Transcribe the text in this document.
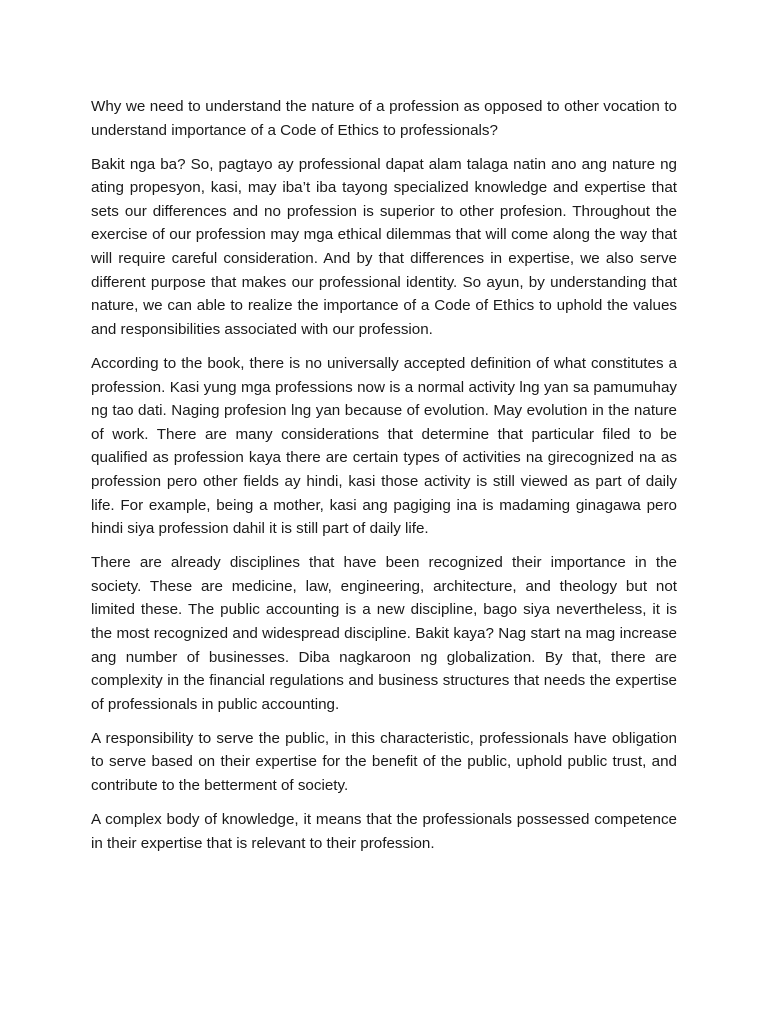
Why we need to understand the nature of a profession as opposed to other vocation to understand importance of a Code of Ethics to professionals?

Bakit nga ba? So, pagtayo ay professional dapat alam talaga natin ano ang nature ng ating propesyon, kasi, may iba’t iba tayong specialized knowledge and expertise that sets our differences and no profession is superior to other profesion. Throughout the exercise of our profession may mga ethical dilemmas that will come along the way that will require careful consideration. And by that differences in expertise, we also serve different purpose that makes our professional identity. So ayun, by understanding that nature, we can able to realize the importance of a Code of Ethics to uphold the values and responsibilities associated with our profession.

According to the book, there is no universally accepted definition of what constitutes a profession. Kasi yung mga professions now is a normal activity lng yan sa pamumuhay ng tao dati. Naging profesion lng yan because of evolution. May evolution in the nature of work. There are many considerations that determine that particular filed to be qualified as profession kaya there are certain types of activities na girecognized na as profession pero other fields ay hindi, kasi those activity is still viewed as part of daily life. For example, being a mother, kasi ang pagiging ina is madaming ginagawa pero hindi siya profession dahil it is still part of daily life.

There are already disciplines that have been recognized their importance in the society. These are medicine, law, engineering, architecture, and theology but not limited these. The public accounting is a new discipline, bago siya nevertheless, it is the most recognized and widespread discipline. Bakit kaya? Nag start na mag increase ang number of businesses. Diba nagkaroon ng globalization. By that, there are complexity in the financial regulations and business structures that needs the expertise of professionals in public accounting.

A responsibility to serve the public, in this characteristic, professionals have obligation to serve based on their expertise for the benefit of the public, uphold public trust, and contribute to the betterment of society.

A complex body of knowledge, it means that the professionals possessed competence in their expertise that is relevant to their profession.
